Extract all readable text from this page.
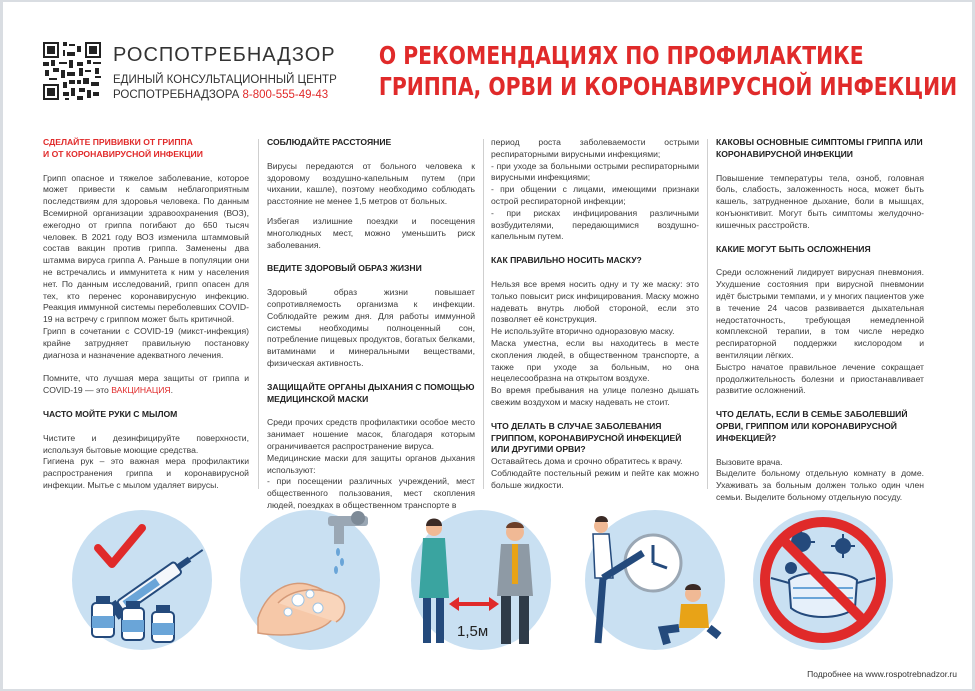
РОСПОТРЕБНАДЗОР
ЕДИНЫЙ КОНСУЛЬТАЦИОННЫЙ ЦЕНТР
РОСПОТРЕБНАДЗОРА 8-800-555-49-43
О РЕКОМЕНДАЦИЯХ ПО ПРОФИЛАКТИКЕ
ГРИППА, ОРВИ И КОРОНАВИРУСНОЙ ИНФЕКЦИИ
СДЕЛАЙТЕ ПРИВИВКИ ОТ ГРИППА
И ОТ КОРОНАВИРУСНОЙ ИНФЕКЦИИ

Грипп опасное и тяжелое заболевание, которое может привести к самым неблагоприятным последствиям для здоровья человека. По данным Всемирной организации здравоохранения (ВОЗ), ежегодно от гриппа погибают до 650 тысяч человек. В 2021 году ВОЗ изменила штаммовый состав вакцин против гриппа. Заменены два штамма вируса гриппа А. Раньше в популяции они не встречались и иммунитета к ним у населения нет. По данным исследований, грипп опасен для тех, кто перенес коронавирусную инфекцию. Реакция иммунной системы переболевших COVID-19 на встречу с гриппом может быть критичной.

Грипп в сочетании с COVID-19 (микст-инфекция) крайне затрудняет правильную постановку диагноза и назначение адекватного лечения.

Помните, что лучшая мера защиты от гриппа и COVID-19 — это ВАКЦИНАЦИЯ.

ЧАСТО МОЙТЕ РУКИ С МЫЛОМ

Чистите и дезинфицируйте поверхности, используя бытовые моющие средства.

Гигиена рук – это важная мера профилактики распространения гриппа и коронавирусной инфекции. Мытье с мылом удаляет вирусы.

СОБЛЮДАЙТЕ РАССТОЯНИЕ

Вирусы передаются от больного человека к здоровому воздушно-капельным путем (при чихании, кашле), поэтому необходимо соблюдать расстояние не менее 1,5 метров от больных.

Избегая излишние поездки и посещения многолюдных мест, можно уменьшить риск заболевания.

ВЕДИТЕ ЗДОРОВЫЙ ОБРАЗ ЖИЗНИ

Здоровый образ жизни повышает сопротивляемость организма к инфекции. Соблюдайте режим дня. Для работы иммунной системы необходимы полноценный сон, потребление пищевых продуктов, богатых белками, витаминами и минеральными веществами, физическая активность.

ЗАЩИЩАЙТЕ ОРГАНЫ ДЫХАНИЯ С ПОМОЩЬЮ МЕДИЦИНСКОЙ МАСКИ

Среди прочих средств профилактики особое место занимает ношение масок, благодаря которым ограничивается распространение вируса.

Медицинские маски для защиты органов дыхания используют:

- при посещении различных учреждений, мест общественного пользования, мест скопления людей, поездках в общественном транспорте в

период роста заболеваемости острыми респираторными вирусными инфекциями;

- при уходе за больными острыми респираторными вирусными инфекциями;

- при общении с лицами, имеющими признаки острой респираторной инфекции;

- при рисках инфицирования различными возбудителями, передающимися воздушно-капельным путем.

КАК ПРАВИЛЬНО НОСИТЬ МАСКУ?

Нельзя все время носить одну и ту же маску: это только повысит риск инфицирования. Маску можно надевать внутрь любой стороной, если это позволяет её конструкция.

Не используйте вторично одноразовую маску.

Маска уместна, если вы находитесь в месте скопления людей, в общественном транспорте, а также при уходе за больным, но она нецелесообразна на открытом воздухе.

Во время пребывания на улице полезно дышать свежим воздухом и маску надевать не стоит.

ЧТО ДЕЛАТЬ В СЛУЧАЕ ЗАБОЛЕВАНИЯ ГРИППОМ, КОРОНАВИРУСНОЙ ИНФЕКЦИЕЙ ИЛИ ДРУГИМИ ОРВИ?

Оставайтесь дома и срочно обратитесь к врачу.

Соблюдайте постельный режим и пейте как можно больше жидкости.

КАКОВЫ ОСНОВНЫЕ СИМПТОМЫ ГРИППА ИЛИ КОРОНАВИРУСНОЙ ИНФЕКЦИИ

Повышение температуры тела, озноб, головная боль, слабость, заложенность носа, может быть кашель, затрудненное дыхание, боли в мышцах, конъюнктивит. Могут быть симптомы желудочно-кишечных расстройств.

КАКИЕ МОГУТ БЫТЬ ОСЛОЖНЕНИЯ

Среди осложнений лидирует вирусная пневмония. Ухудшение состояния при вирусной пневмонии идёт быстрыми темпами, и у многих пациентов уже в течение 24 часов развивается дыхательная недостаточность, требующая немедленной комплексной терапии, в том числе нередко респираторной поддержки кислородом и вентиляции лёгких.

Быстро начатое правильное лечение сокращает продолжительность болезни и приостанавливает развитие осложнений.

ЧТО ДЕЛАТЬ, ЕСЛИ В СЕМЬЕ ЗАБОЛЕВШИЙ ОРВИ, ГРИППОМ ИЛИ КОРОНАВИРУСНОЙ ИНФЕКЦИЕЙ?

Вызовите врача.

Выделите больному отдельную комнату в доме. Ухаживать за больным должен только один член семьи. Выделите больному отдельную посуду.

1,5м
Подробнее на www.rospotrebnadzor.ru
